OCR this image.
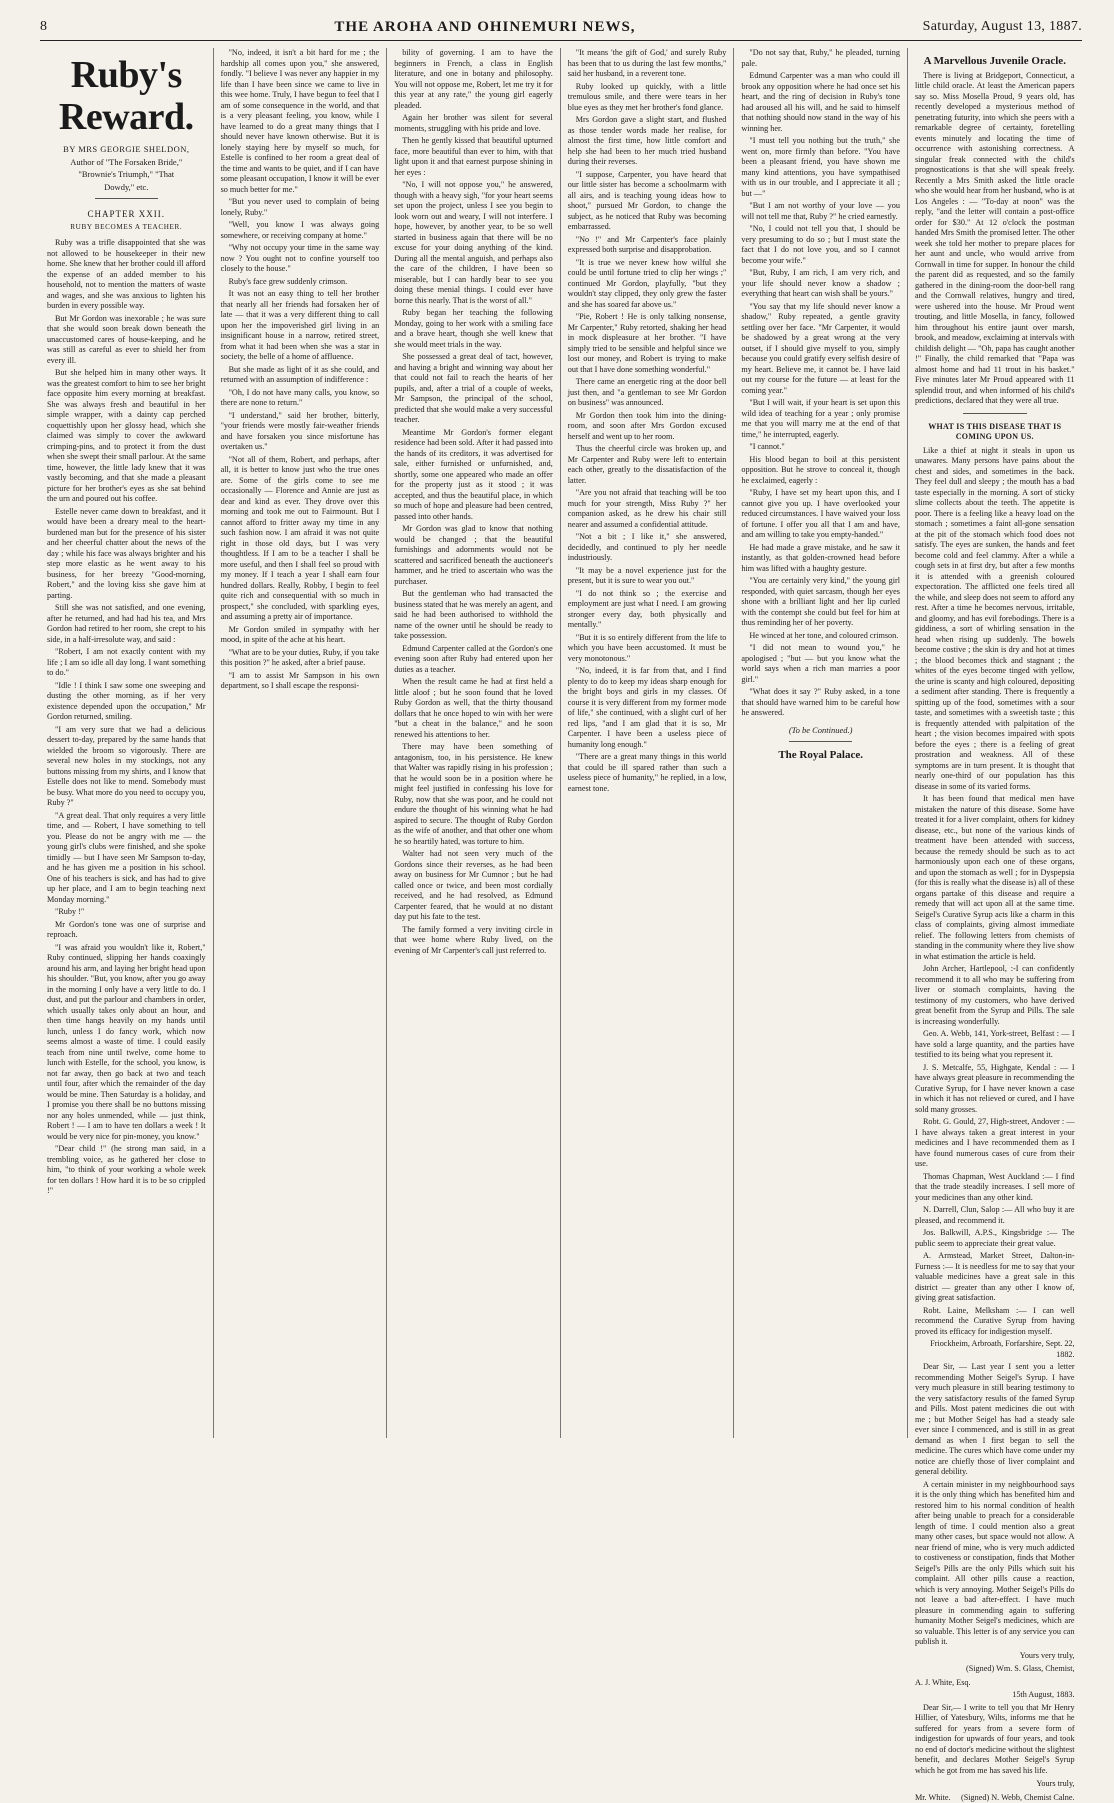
8	THE AROHA AND OHINEMURI NEWS,	Saturday, August 13, 1887.
Ruby's Reward.
BY MRS GEORGIE SHELDON,
Author of "The Forsaken Bride,"
"Brownie's Triumph," "That
Dowdy," etc.
CHAPTER XXII.
RUBY BECOMES A TEACHER.

Ruby was a trifle disappointed that she was not allowed to be housekeeper in their new home. She knew that her brother could ill afford the expense of an added member to his household, not to mention the matters of waste and wages, and she was anxious to lighten his burden in every possible way.

But Mr Gordon was inexorable ; he was sure that she would soon break down beneath the unaccustomed cares of house-keeping, and he was still as careful as ever to shield her from every ill.

But she helped him in many other ways. It was the greatest comfort to him to see her bright face opposite him every morning at breakfast. She was always fresh and beautiful in her simple wrapper, with a dainty cap perched coquettishly upon her glossy head, which she claimed was simply to cover the awkward crimping-pins, and to protect it from the dust when she swept their small parlour. At the same time, however, the little lady knew that it was vastly becoming, and that she made a pleasant picture for her brother's eyes as she sat behind the urn and poured out his coffee.

Estelle never came down to breakfast, and it would have been a dreary meal to the heart-burdened man but for the presence of his sister and her cheerful chatter about the news of the day ; while his face was always brighter and his step more elastic as he went away to his business, for her breezy "Good-morning, Robert," and the loving kiss she gave him at parting.

Still she was not satisfied, and one evening, after he returned, and had had his tea, and Mrs Gordon had retired to her room, she crept to his side, in a half-irresolute way, and said :

"Robert, I am not exactly content with my life ; I am so idle all day long. I want something to do."

"Idle ! I think I saw some one sweeping and dusting the other morning, as if her very existence depended upon the occupation," Mr Gordon returned, smiling.

"I am very sure that we had a delicious dessert to-day, prepared by the same hands that wielded the broom so vigorously. There are several new holes in my stockings, not any buttons missing from my shirts, and I know that Estelle does not like to mend. Somebody must be busy. What more do you need to occupy you, Ruby ?"

"A great deal. That only requires a very little time, and — Robert, I have something to tell you. Please do not be angry with me — the young girl's clubs were finished, and she spoke timidly — but I have seen Mr Sampson to-day, and he has given me a position in his school. One of his teachers is sick, and has had to give up her place, and I am to begin teaching next Monday morning."

"Ruby !"

Mr Gordon's tone was one of surprise and reproach.

"I was afraid you wouldn't like it, Robert," Ruby continued, slipping her hands coaxingly around his arm, and laying her bright head upon his shoulder. "But, you know, after you go away in the morning I only have a very little to do. I dust, and put the parlour and chambers in order, which usually takes only about an hour, and then time hangs heavily on my hands until lunch, unless I do fancy work, which now seems almost a waste of time. I could easily teach from nine until twelve, come home to lunch with Estelle, for the school, you know, is not far away, then go back at two and teach until four, after which the remainder of the day would be mine. Then Saturday is a holiday, and I promise you there shall be no buttons missing nor any holes unmended, while — just think, Robert ! — I am to have ten dollars a week ! It would be very nice for pin-money, you know."

"Dear child !" (he strong man said, in a trembling voice, as he gathered her close to him, "to think of your working a whole week for ten dollars ! How hard it is to be so crippled !"

"No, indeed, it isn't a bit hard for me ; the hardship all comes upon you," she answered, fondly. "I believe I was never any happier in my life than I have been since we came to live in this wee home. Truly, I have begun to feel that I am of some consequence in the world, and that is a very pleasant feeling, you know, while I have learned to do a great many things that I should never have known otherwise. But it is lonely staying here by myself so much, for Estelle is confined to her room a great deal of the time and wants to be quiet, and if I can have some pleasant occupation, I know it will be ever so much better for me."

"But you never used to complain of being lonely, Ruby."

"Well, you know I was always going somewhere, or receiving company at home."

"Why not occupy your time in the same way now ? You ought not to confine yourself too closely to the house."

Ruby's face grew suddenly crimson.

It was not an easy thing to tell her brother that nearly all her friends had forsaken her of late — that it was a very different thing to call upon her the impoverished girl living in an insignificant house in a narrow, retired street, from what it had been when she was a star in society, the belle of a home of affluence.

But she made as light of it as she could, and returned with an assumption of indifference :

"Oh, I do not have many calls, you know, so there are none to return."

"I understand," said her brother, bitterly, "your friends were mostly fair-weather friends and have forsaken you since misfortune has overtaken us."

"Not all of them, Robert, and perhaps, after all, it is better to know just who the true ones are. Some of the girls come to see me occasionally — Florence and Annie are just as dear and kind as ever. They drove over this morning and took me out to Fairmount. But I cannot afford to fritter away my time in any such fashion now. I am afraid it was not quite right in those old days, but I was very thoughtless. If I am to be a teacher I shall be more useful, and then I shall feel so proud with my money. If I teach a year I shall earn four hundred dollars. Really, Robby, I begin to feel quite rich and consequential with so much in prospect," she concluded, with sparkling eyes, and assuming a pretty air of importance.

Mr Gordon smiled in sympathy with her mood, in spite of the ache at his heart.

"What are to be your duties, Ruby, if you take this position ?" he asked, after a brief pause.

"I am to assist Mr Sampson in his own department, so I shall escape the responsi-

bility of governing. I am to have the beginners in French, a class in English literature, and one in botany and philosophy. You will not oppose me, Robert, let me try it for this year at any rate," the young girl eagerly pleaded.

Again her brother was silent for several moments, struggling with his pride and love.

Then he gently kissed that beautiful upturned face, more beautiful than ever to him, with that light upon it and that earnest purpose shining in her eyes :

"No, I will not oppose you," he answered, though with a heavy sigh, "for your heart seems set upon the project, unless I see you begin to look worn out and weary, I will not interfere. I hope, however, by another year, to be so well started in business again that there will be no excuse for your doing anything of the kind. During all the mental anguish, and perhaps also the care of the children, I have been so miserable, but I can hardly bear to see you doing these menial things. I could ever have borne this nearly. That is the worst of all."

Ruby began her teaching the following Monday, going to her work with a smiling face and a brave heart, though she well knew that she would meet trials in the way.

She possessed a great deal of tact, however, and having a bright and winning way about her that could not fail to reach the hearts of her pupils, and, after a trial of a couple of weeks, Mr Sampson, the principal of the school, predicted that she would make a very successful teacher.

Meantime Mr Gordon's former elegant residence had been sold. After it had passed into the hands of its creditors, it was advertised for sale, either furnished or unfurnished, and, shortly, some one appeared who made an offer for the property just as it stood ; it was accepted, and thus the beautiful place, in which so much of hope and pleasure had been centred, passed into other hands.

Mr Gordon was glad to know that nothing would be changed ; that the beautiful furnishings and adornments would not be scattered and sacrificed beneath the auctioneer's hammer, and he tried to ascertain who was the purchaser.

But the gentleman who had transacted the business stated that he was merely an agent, and said he had been authorised to withhold the name of the owner until he should be ready to take possession.

Edmund Carpenter called at the Gordon's one evening soon after Ruby had entered upon her duties as a teacher.

When the result came he had at first held a little aloof ; but he soon found that he loved Ruby Gordon as well, that the thirty thousand dollars that he once hoped to win with her were "but a cheat in the balance," and he soon renewed his attentions to her.

There may have been something of antagonism, too, in his persistence. He knew that Walter was rapidly rising in his profession ; that he would soon be in a position where he might feel justified in confessing his love for Ruby, now that she was poor, and he could not endure the thought of his winning what he had aspired to secure. The thought of Ruby Gordon as the wife of another, and that other one whom he so heartily hated, was torture to him.

Walter had not seen very much of the Gordons since their reverses, as he had been away on business for Mr Cumnor ; but he had called once or twice, and been most cordially received, and he had resolved, as Edmund Carpenter feared, that he would at no distant day put his fate to the test.

The family formed a very inviting circle in that wee home where Ruby lived, on the evening of Mr Carpenter's call just referred to.

"It means 'the gift of God,' and surely Ruby has been that to us during the last few months," said her husband, in a reverent tone.

Ruby looked up quickly, with a little tremulous smile, and there were tears in her blue eyes as they met her brother's fond glance.

Mrs Gordon gave a slight start, and flushed as those tender words made her realise, for almost the first time, how little comfort and help she had been to her much tried husband during their reverses.

"I suppose, Carpenter, you have heard that our little sister has become a schoolmarm with all airs, and is teaching young ideas how to shoot," pursued Mr Gordon, to change the subject, as he noticed that Ruby was becoming embarrassed.

"No !" and Mr Carpenter's face plainly expressed both surprise and disapprobation.

"It is true we never knew how wilful she could be until fortune tried to clip her wings ;" continued Mr Gordon, playfully, "but they wouldn't stay clipped, they only grew the faster and she has soared far above us."

"Pie, Robert ! He is only talking nonsense, Mr Carpenter," Ruby retorted, shaking her head in mock displeasure at her brother. "I have simply tried to be sensible and helpful since we lost our money, and Robert is trying to make out that I have done something wonderful."

There came an energetic ring at the door bell just then, and "a gentleman to see Mr Gordon on business" was announced.

Mr Gordon then took him into the dining-room, and soon after Mrs Gordon excused herself and went up to her room.

Thus the cheerful circle was broken up, and Mr Carpenter and Ruby were left to entertain each other, greatly to the dissatisfaction of the latter.

"Are you not afraid that teaching will be too much for your strength, Miss Ruby ?" her companion asked, as he drew his chair still nearer and assumed a confidential attitude.

"Not a bit ; I like it," she answered, decidedly, and continued to ply her needle industriously.

"It may be a novel experience just for the present, but it is sure to wear you out."

"I do not think so ; the exercise and employment are just what I need. I am growing stronger every day, both physically and mentally."

"But it is so entirely different from the life to which you have been accustomed. It must be very monotonous."

"No, indeed, it is far from that, and I find plenty to do to keep my ideas sharp enough for the bright boys and girls in my classes. Of course it is very different from my former mode of life," she continued, with a slight curl of her red lips, "and I am glad that it is so, Mr Carpenter. I have been a useless piece of humanity long enough."

"There are a great many things in this world that could be ill spared rather than such a useless piece of humanity," he replied, in a low, earnest tone.

"Do not say that, Ruby," he pleaded, turning pale.

Edmund Carpenter was a man who could ill brook any opposition where he had once set his heart, and the ring of decision in Ruby's tone had aroused all his will, and he said to himself that nothing should now stand in the way of his winning her.

"I must tell you nothing but the truth," she went on, more firmly than before. "You have been a pleasant friend, you have shown me many kind attentions, you have sympathised with us in our trouble, and I appreciate it all ; but —"

"But I am not worthy of your love — you will not tell me that, Ruby ?" he cried earnestly.

"No, I could not tell you that, I should be very presuming to do so ; but I must state the fact that I do not love you, and so I cannot become your wife."

"But, Ruby, I am rich, I am very rich, and your life should never know a shadow ; everything that heart can wish shall be yours."

"You say that my life should never know a shadow," Ruby repeated, a gentle gravity settling over her face. "Mr Carpenter, it would be shadowed by a great wrong at the very outset, if I should give myself to you, simply because you could gratify every selfish desire of my heart. Believe me, it cannot be. I have laid out my course for the future — at least for the coming year."

"But I will wait, if your heart is set upon this wild idea of teaching for a year ; only promise me that you will marry me at the end of that time," he interrupted, eagerly.

"I cannot."

His blood began to boil at this persistent opposition. But he strove to conceal it, though he exclaimed, eagerly :

"Ruby, I have set my heart upon this, and I cannot give you up. I have overlooked your reduced circumstances. I have waived your loss of fortune. I offer you all that I am and have, and am willing to take you empty-handed."

He had made a grave mistake, and he saw it instantly, as that golden-crowned head before him was lifted with a haughty gesture.

"You are certainly very kind," the young girl responded, with quiet sarcasm, though her eyes shone with a brilliant light and her lip curled with the contempt she could but feel for him at thus reminding her of her poverty.

He winced at her tone, and coloured crimson.

"I did not mean to wound you," he apologised ; "but — but you know what the world says when a rich man marries a poor girl."

"What does it say ?" Ruby asked, in a tone that should have warned him to be careful how he answered.

(To be Continued.)
The Royal Palace.
A Marvellous Juvenile Oracle.

There is living at Bridgeport, Connecticut, a little child oracle. At least the American papers say so. Miss Mosella Proud, 9 years old, has recently developed a mysterious method of penetrating futurity, into which she peers with a remarkable degree of certainty, foretelling events minutely and locating the time of occurrence with astonishing correctness. A singular freak connected with the child's prognostications is that she will speak freely. Recently a Mrs Smith asked the little oracle who she would hear from her husband, who is at Los Angeles : — "To-day at noon" was the reply, "and the letter will contain a post-office order for $30." At 12 o'clock the postman handed Mrs Smith the promised letter. The other week she told her mother to prepare places for her aunt and uncle, who would arrive from Cornwall in time for supper. In honour the child the parent did as requested, and so the family gathered in the dining-room the door-bell rang and the Cornwall relatives, hungry and tired, were ushered into the house. Mr Proud went trouting, and little Mosella, in fancy, followed him throughout his entire jaunt over marsh, brook, and meadow, exclaiming at intervals with childish delight — "Oh, papa has caught another !" Finally, the child remarked that "Papa was almost home and had 11 trout in his basket." Five minutes later Mr Proud appeared with 11 splendid trout, and when informed of his child's predictions, declared that they were all true.

WHAT IS THIS DISEASE THAT IS COMING UPON US.

Like a thief at night it steals in upon us unawares. Many persons have pains about the chest and sides, and sometimes in the back. They feel dull and sleepy ; the mouth has a bad taste especially in the morning. A sort of sticky slime collects about the teeth. The appetite is poor. There is a feeling like a heavy load on the stomach ; sometimes a faint all-gone sensation at the pit of the stomach which food does not satisfy. The eyes are sunken, the hands and feet become cold and feel clammy. After a while a cough sets in at first dry, but after a few months it is attended with a greenish coloured expectoration. The afflicted one feels tired all the while, and sleep does not seem to afford any rest. After a time he becomes nervous, irritable, and gloomy, and has evil forebodings. There is a giddiness, a sort of whirling sensation in the head when rising up suddenly. The bowels become costive ; the skin is dry and hot at times ; the blood becomes thick and stagnant ; the whites of the eyes become tinged with yellow, the urine is scanty and high coloured, depositing a sediment after standing. There is frequently a spitting up of the food, sometimes with a sour taste, and sometimes with a sweetish taste ; this is frequently attended with palpitation of the heart ; the vision becomes impaired with spots before the eyes ; there is a feeling of great prostration and weakness. All of these symptoms are in turn present. It is thought that nearly one-third of our population has this disease in some of its varied forms.

It has been found that medical men have mistaken the nature of this disease. Some have treated it for a liver complaint, others for kidney disease, etc., but none of the various kinds of treatment have been attended with success, because the remedy should be such as to act harmoniously upon each one of these organs, and upon the stomach as well ; for in Dyspepsia (for this is really what the disease is) all of these organs partake of this disease and require a remedy that will act upon all at the same time. Seigel's Curative Syrup acts like a charm in this class of complaints, giving almost immediate relief. The following letters from chemists of standing in the community where they live show in what estimation the article is held.

John Archer, Hartlepool, :-I can confidently recommend it to all who may be suffering from liver or stomach complaints, having the testimony of my customers, who have derived great benefit from the Syrup and Pills. The sale is increasing wonderfully.

Geo. A. Webb, 141, York-street, Belfast : — I have sold a large quantity, and the parties have testified to its being what you represent it.

J. S. Metcalfe, 55, Highgate, Kendal : — I have always great pleasure in recommending the Curative Syrup, for I have never known a case in which it has not relieved or cured, and I have sold many grosses.

Robt. G. Gould, 27, High-street, Andover : — I have always taken a great interest in your medicines and I have recommended them as I have found numerous cases of cure from their use.

Thomas Chapman, West Auckland :— I find that the trade steadily increases. I sell more of your medicines than any other kind.

N. Darrell, Clun, Salop :— All who buy it are pleased, and recommend it.

Jos. Balkwill, A.P.S., Kingsbridge :— The public seem to appreciate their great value.

A. Armstead, Market Street, Dalton-in-Furness :— It is needless for me to say that your valuable medicines have a great sale in this district — greater than any other I know of, giving great satisfaction.

Robt. Laine, Melksham :— I can well recommend the Curative Syrup from having proved its efficacy for indigestion myself.

Friockheim, Arbroath, Forfarshire, Sept. 22, 1882.

Dear Sir, — Last year I sent you a letter recommending Mother Seigel's Syrup. I have very much pleasure in still bearing testimony to the very satisfactory results of the famed Syrup and Pills. Most patent medicines die out with me ; but Mother Seigel has had a steady sale ever since I commenced, and is still in as great demand as when I first began to sell the medicine. The cures which have come under my notice are chiefly those of liver complaint and general debility.

A certain minister in my neighbourhood says it is the only thing which has benefited him and restored him to his normal condition of health after being unable to preach for a considerable length of time. I could mention also a great many other cases, but space would not allow. A near friend of mine, who is very much addicted to costiveness or constipation, finds that Mother Seigel's Pills are the only Pills which suit his complaint. All other pills cause a reaction, which is very annoying. Mother Seigel's Pills do not leave a bad after-effect. I have much pleasure in commending again to suffering humanity Mother Seigel's medicines, which are so valuable. This letter is of any service you can publish it.

Yours very truly,
(Signed) Wm. S. Glass, Chemist,
A. J. White, Esq.
15th August, 1883.

Dear Sir,— I write to tell you that Mr Henry Hillier, of Yatesbury, Wilts, informs me that he suffered for years from a severe form of indigestion for upwards of four years, and took no end of doctor's medicine without the slightest benefit, and declares Mother Seigel's Syrup which he got from me has saved his life.

Yours truly,
Mr. White. (Signed) N. Webb, Chemist Calne.
